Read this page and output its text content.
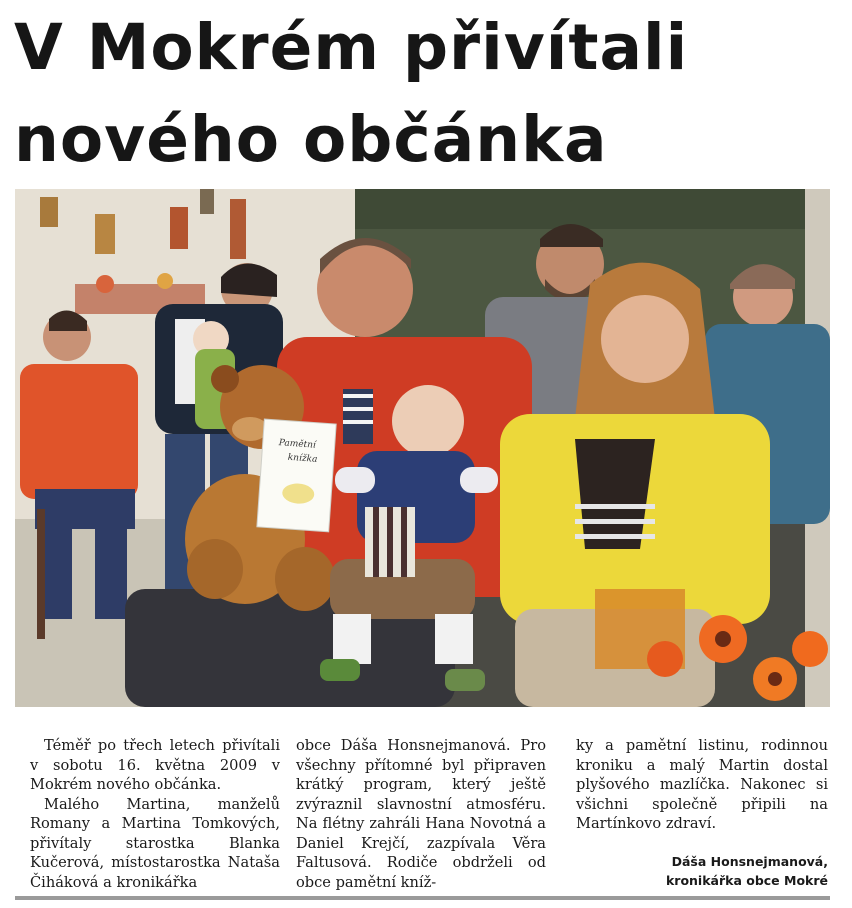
V Mokrém přivítali
nového občánka
Pamětní
knížka

Téměř po třech letech přivítali v sobotu 16. května 2009 v Mokrém nového občánka.

Malého Martina, manželů Romany a Martina Tomkových, přivítaly starostka Blanka Kučerová, místostarostka Nataša Čiháková a kronikářka

obce Dáša Honsnejmanová. Pro všechny přítomné byl připraven krátký program, který ještě zvýraznil slavnostní atmosféru. Na flétny zahráli Hana Novotná a Daniel Krejčí, zazpívala Věra Faltusová. Rodiče obdrželi od obce pamětní kníž-

ky a pamětní listinu, rodinnou kroniku a malý Martin dostal plyšového mazlíčka. Nakonec si všichni společně připili na Martínkovo zdraví.

Dáša Honsnejmanová,
kronikářka obce Mokré
